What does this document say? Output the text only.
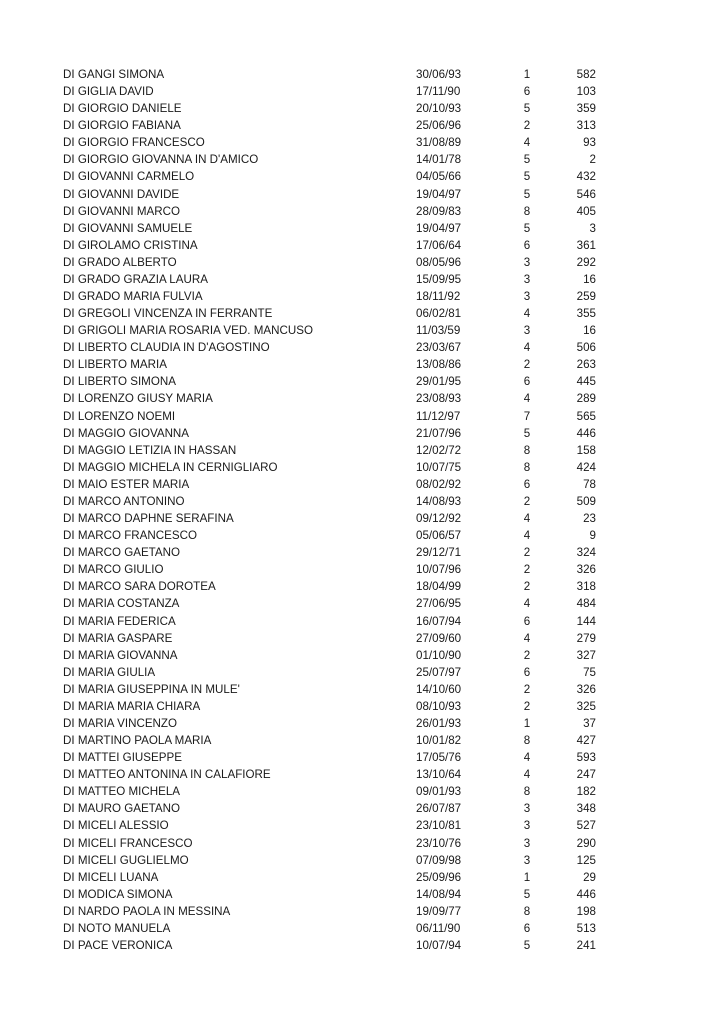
DI GANGI SIMONA	30/06/93	1	582
DI GIGLIA DAVID	17/11/90	6	103
DI GIORGIO DANIELE	20/10/93	5	359
DI GIORGIO FABIANA	25/06/96	2	313
DI GIORGIO FRANCESCO	31/08/89	4	93
DI GIORGIO GIOVANNA IN D'AMICO	14/01/78	5	2
DI GIOVANNI CARMELO	04/05/66	5	432
DI GIOVANNI DAVIDE	19/04/97	5	546
DI GIOVANNI MARCO	28/09/83	8	405
DI GIOVANNI SAMUELE	19/04/97	5	3
DI GIROLAMO CRISTINA	17/06/64	6	361
DI GRADO ALBERTO	08/05/96	3	292
DI GRADO GRAZIA LAURA	15/09/95	3	16
DI GRADO MARIA FULVIA	18/11/92	3	259
DI GREGOLI VINCENZA IN FERRANTE	06/02/81	4	355
DI GRIGOLI MARIA ROSARIA VED. MANCUSO	11/03/59	3	16
DI LIBERTO CLAUDIA IN D'AGOSTINO	23/03/67	4	506
DI LIBERTO MARIA	13/08/86	2	263
DI LIBERTO SIMONA	29/01/95	6	445
DI LORENZO GIUSY MARIA	23/08/93	4	289
DI LORENZO NOEMI	11/12/97	7	565
DI MAGGIO GIOVANNA	21/07/96	5	446
DI MAGGIO LETIZIA IN HASSAN	12/02/72	8	158
DI MAGGIO MICHELA IN CERNIGLIARO	10/07/75	8	424
DI MAIO ESTER MARIA	08/02/92	6	78
DI MARCO ANTONINO	14/08/93	2	509
DI MARCO DAPHNE SERAFINA	09/12/92	4	23
DI MARCO FRANCESCO	05/06/57	4	9
DI MARCO GAETANO	29/12/71	2	324
DI MARCO GIULIO	10/07/96	2	326
DI MARCO SARA DOROTEA	18/04/99	2	318
DI MARIA COSTANZA	27/06/95	4	484
DI MARIA FEDERICA	16/07/94	6	144
DI MARIA GASPARE	27/09/60	4	279
DI MARIA GIOVANNA	01/10/90	2	327
DI MARIA GIULIA	25/07/97	6	75
DI MARIA GIUSEPPINA IN MULE'	14/10/60	2	326
DI MARIA MARIA CHIARA	08/10/93	2	325
DI MARIA VINCENZO	26/01/93	1	37
DI MARTINO PAOLA MARIA	10/01/82	8	427
DI MATTEI GIUSEPPE	17/05/76	4	593
DI MATTEO ANTONINA IN CALAFIORE	13/10/64	4	247
DI MATTEO MICHELA	09/01/93	8	182
DI MAURO GAETANO	26/07/87	3	348
DI MICELI ALESSIO	23/10/81	3	527
DI MICELI FRANCESCO	23/10/76	3	290
DI MICELI GUGLIELMO	07/09/98	3	125
DI MICELI LUANA	25/09/96	1	29
DI MODICA SIMONA	14/08/94	5	446
DI NARDO PAOLA IN MESSINA	19/09/77	8	198
DI NOTO MANUELA	06/11/90	6	513
DI PACE VERONICA	10/07/94	5	241
